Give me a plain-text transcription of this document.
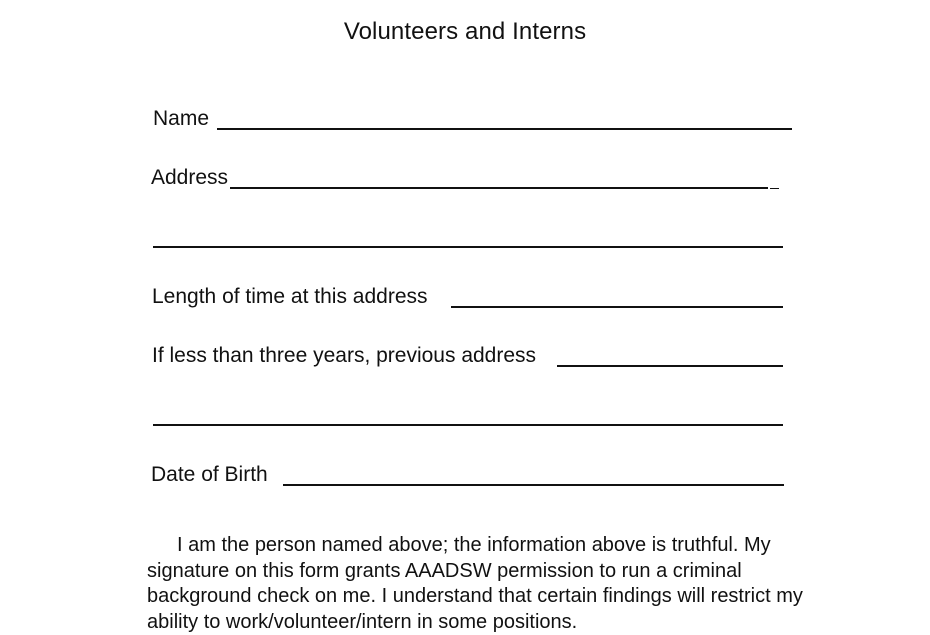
Volunteers and Interns
Name
Address
Length of time at this address
If less than three years, previous address
Date of Birth

I am the person named above; the information above is truthful. My signature on this form grants AAADSW permission to run a criminal background check on me. I understand that certain findings will restrict my ability to work/volunteer/intern in some positions.
